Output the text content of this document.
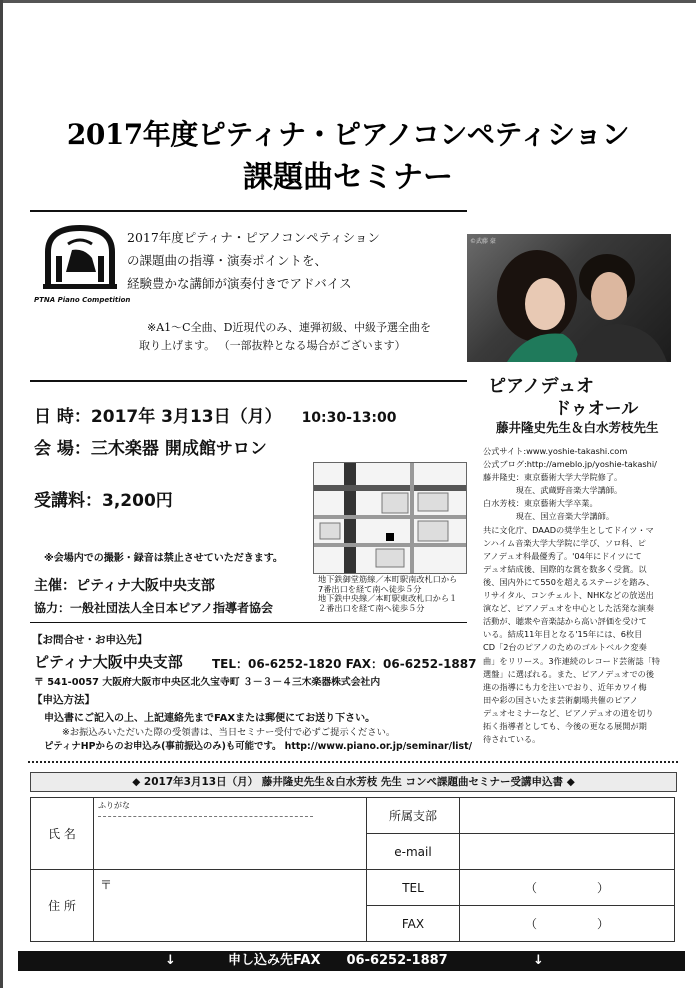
2017年度ピティナ・ピアノコンペティション
課題曲セミナー
PTNA Piano Competition
2017年度ピティナ・ピアノコンペティション
の課題曲の指導・演奏ポイントを、
経験豊かな講師が演奏付きでアドバイス
※A1～C全曲、D近現代のみ、連弾初級、中級予選全曲を
取り上げます。 （一部抜粋となる場合がございます）
©武藤 豪
ピアノデュオ
ドゥオール
藤井隆史先生＆白水芳枝先生

公式サイト:www.yoshie-takashi.com

公式ブログ:http://ameblo.jp/yoshie-takashi/

藤井隆史：東京藝術大学大学院修了。

　　　　現在、武蔵野音楽大学講師。

白水芳枝：東京藝術大学卒業。

　　　　現在、国立音楽大学講師。

共に文化庁、DAADの奨学生としてドイツ・マ

ンハイム音楽大学大学院に学び、ソロ科、ピ

アノデュオ科最優秀了。'04年にドイツにて

デュオ結成後、国際的な賞を数多く受賞。以

後、国内外にて550を超えるステージを踏み、

リサイタル、コンチェルト、NHKなどの放送出

演など、ピアノデュオを中心とした活発な演奏

活動が、聴衆や音楽誌から高い評価を受けて

いる。結成11年目となる'15年には、6枚目

CD「2台のピアノのためのゴルトベルク変奏

曲」をリリース。3作連続のレコード芸術誌「特

選盤」に選ばれる。また、ピアノデュオでの後

進の指導にも力を注いでおり、近年カワイ梅

田や彩の国さいたま芸術劇場共催のピアノ

デュオセミナーなど、ピアノデュオの道を切り

拓く指導者としても、今後の更なる展開が期

待されている。

日 時：2017年 3月13日（月） 10:30-13:00
会 場：三木楽器 開成館サロン
受講料：3,200円
※会場内での撮影・録音は禁止させていただきます。
主催：ピティナ大阪中央支部
協力：一般社団法人全日本ピアノ指導者協会
地下鉄御堂筋線／本町駅南改札口から
7番出口を経て南へ徒歩５分
地下鉄中央線／本町駅東改札口から１
２番出口を経て南へ徒歩５分
【お問合せ・お申込先】
ピティナ大阪中央支部 TEL：06-6252-1820 FAX：06-6252-1887
〒 541-0057 大阪府大阪市中央区北久宝寺町 ３－３－４三木楽器株式会社内
【申込方法】
申込書にご記入の上、上記連絡先までFAXまたは郵便にてお送り下さい。
※お振込みいただいた際の受領書は、当日セミナー受付で必ずご提示ください。
ピティナHPからのお申込み(事前振込のみ)も可能です。 http://www.piano.or.jp/seminar/list/
◆ 2017年3月13日（月） 藤井隆史先生＆白水芳枝 先生 コンペ課題曲セミナー受講申込書 ◆
氏 名	ふりがな	所属支部	
		e-mail	
住 所	〒	TEL	（　　　　　）
		FAX	（　　　　　）
↓	申し込み先FAX　　06-6252-1887	↓
